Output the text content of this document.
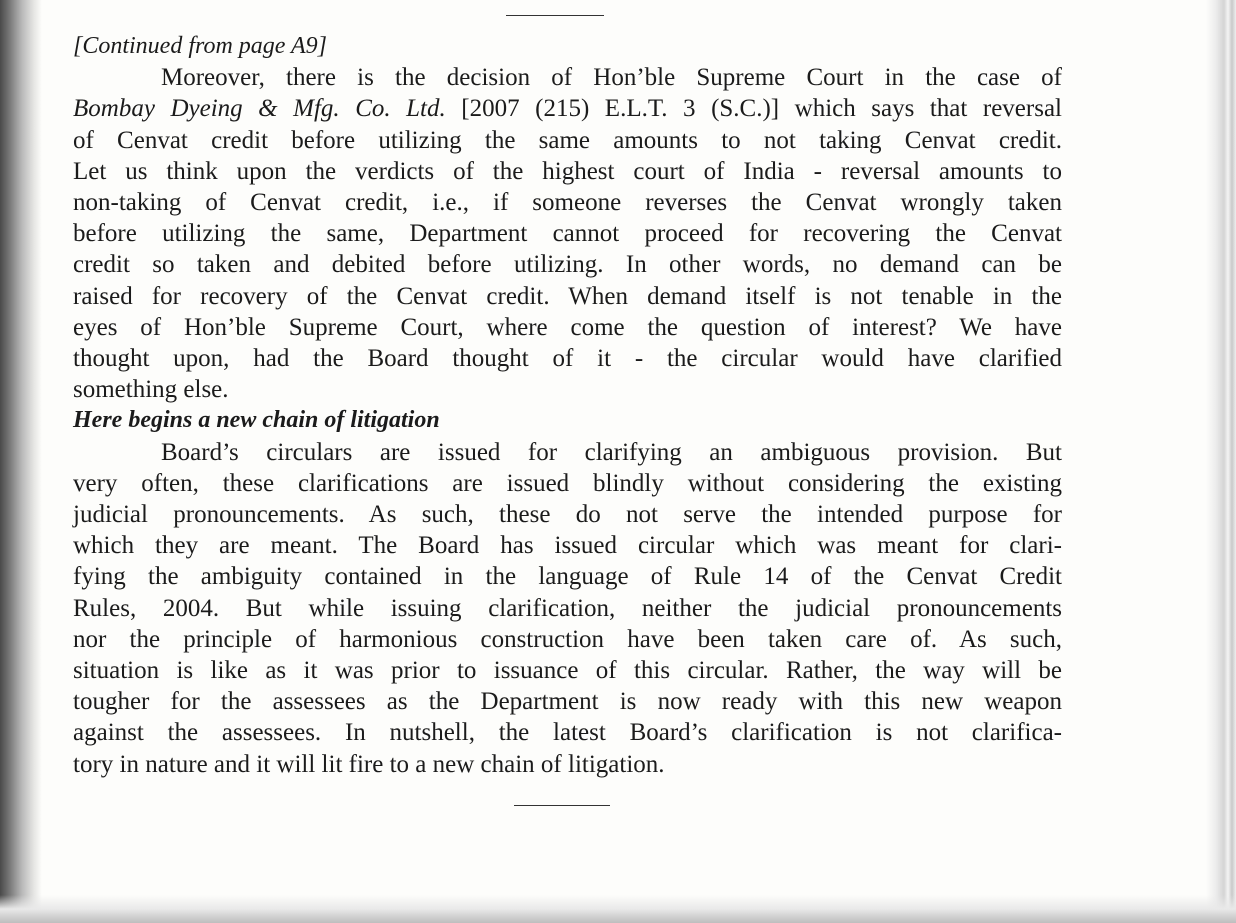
[Continued from page A9]

Moreover, there is the decision of Hon’ble Supreme Court in the case of
Bombay Dyeing & Mfg. Co. Ltd. [2007 (215) E.L.T. 3 (S.C.)] which says that reversal
of Cenvat credit before utilizing the same amounts to not taking Cenvat credit.
Let us think upon the verdicts of the highest court of India - reversal amounts to
non-taking of Cenvat credit, i.e., if someone reverses the Cenvat wrongly taken
before utilizing the same, Department cannot proceed for recovering the Cenvat
credit so taken and debited before utilizing. In other words, no demand can be
raised for recovery of the Cenvat credit. When demand itself is not tenable in the
eyes of Hon’ble Supreme Court, where come the question of interest? We have
thought upon, had the Board thought of it - the circular would have clarified
something else.

Here begins a new chain of litigation

Board’s circulars are issued for clarifying an ambiguous provision. But
very often, these clarifications are issued blindly without considering the existing
judicial pronouncements. As such, these do not serve the intended purpose for
which they are meant. The Board has issued circular which was meant for clari-
fying the ambiguity contained in the language of Rule 14 of the Cenvat Credit
Rules, 2004. But while issuing clarification, neither the judicial pronouncements
nor the principle of harmonious construction have been taken care of. As such,
situation is like as it was prior to issuance of this circular. Rather, the way will be
tougher for the assessees as the Department is now ready with this new weapon
against the assessees. In nutshell, the latest Board’s clarification is not clarifica-
tory in nature and it will lit fire to a new chain of litigation.
